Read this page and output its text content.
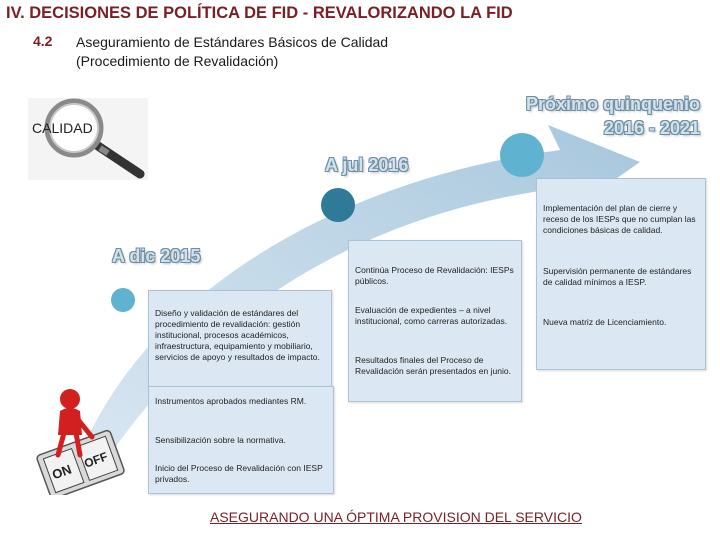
IV. DECISIONES DE POLÍTICA DE FID - REVALORIZANDO LA FID
4.2 Aseguramiento de Estándares Básicos de Calidad
(Procedimiento de Revalidación)
CALIDAD
A dic 2015
A jul 2016
Próximo quinquenio
2016 - 2021

Diseño y validación de estándares del procedimiento de revalidación: gestión institucional, procesos académicos, infraestructura, equipamiento y mobiliario, servicios de apoyo y resultados de impacto.

Instrumentos aprobados mediantes RM.

Sensibilización sobre la normativa.

Inicio del Proceso de Revalidación con IESP privados.

Continúa Proceso de Revalidación: IESPs públicos.

Evaluación de expedientes – a nivel institucional, como carreras autorizadas.

Resultados finales del Proceso de Revalidación serán presentados en junio.

Implementación del plan de cierre y receso de los IESPs que no cumplan las condiciones básicas de calidad.

Supervisión permanente de estándares de calidad mínimos a IESP.

Nueva matriz de Licenciamiento.

ON
OFF
ASEGURANDO UNA ÓPTIMA PROVISION DEL SERVICIO
